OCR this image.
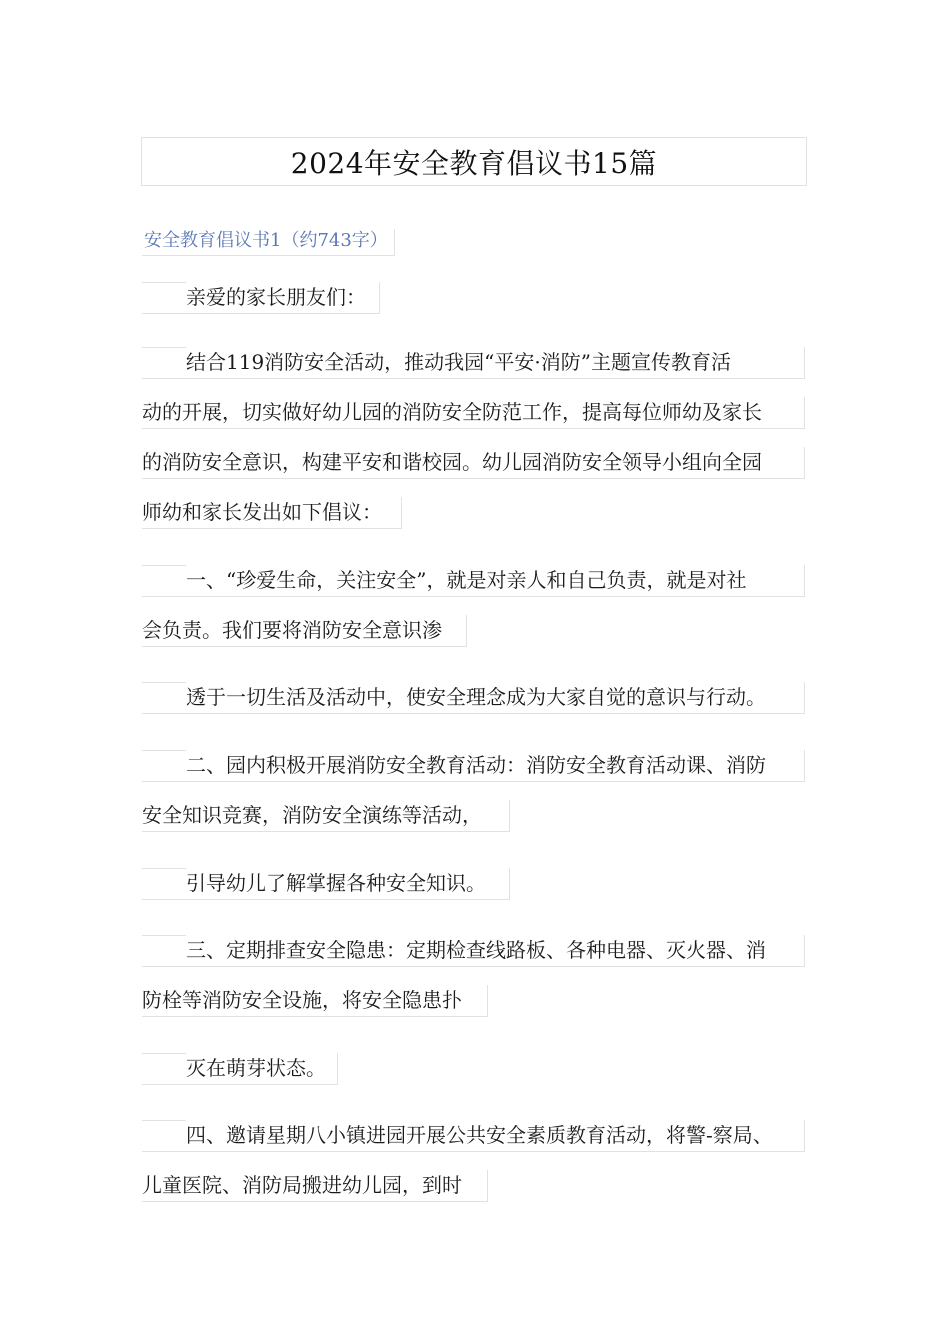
2024年安全教育倡议书15篇
安全教育倡议书1（约743字）
亲爱的家长朋友们：
结合119消防安全活动，推动我园“平安·消防”主题宣传教育活
动的开展，切实做好幼儿园的消防安全防范工作，提高每位师幼及家长
的消防安全意识，构建平安和谐校园。幼儿园消防安全领导小组向全园
师幼和家长发出如下倡议：
一、“珍爱生命，关注安全”，就是对亲人和自己负责，就是对社
会负责。我们要将消防安全意识渗
透于一切生活及活动中，使安全理念成为大家自觉的意识与行动。
二、园内积极开展消防安全教育活动：消防安全教育活动课、消防
安全知识竞赛，消防安全演练等活动，
引导幼儿了解掌握各种安全知识。
三、定期排查安全隐患：定期检查线路板、各种电器、灭火器、消
防栓等消防安全设施，将安全隐患扑
灭在萌芽状态。
四、邀请星期八小镇进园开展公共安全素质教育活动，将警-察局、
儿童医院、消防局搬进幼儿园，到时
